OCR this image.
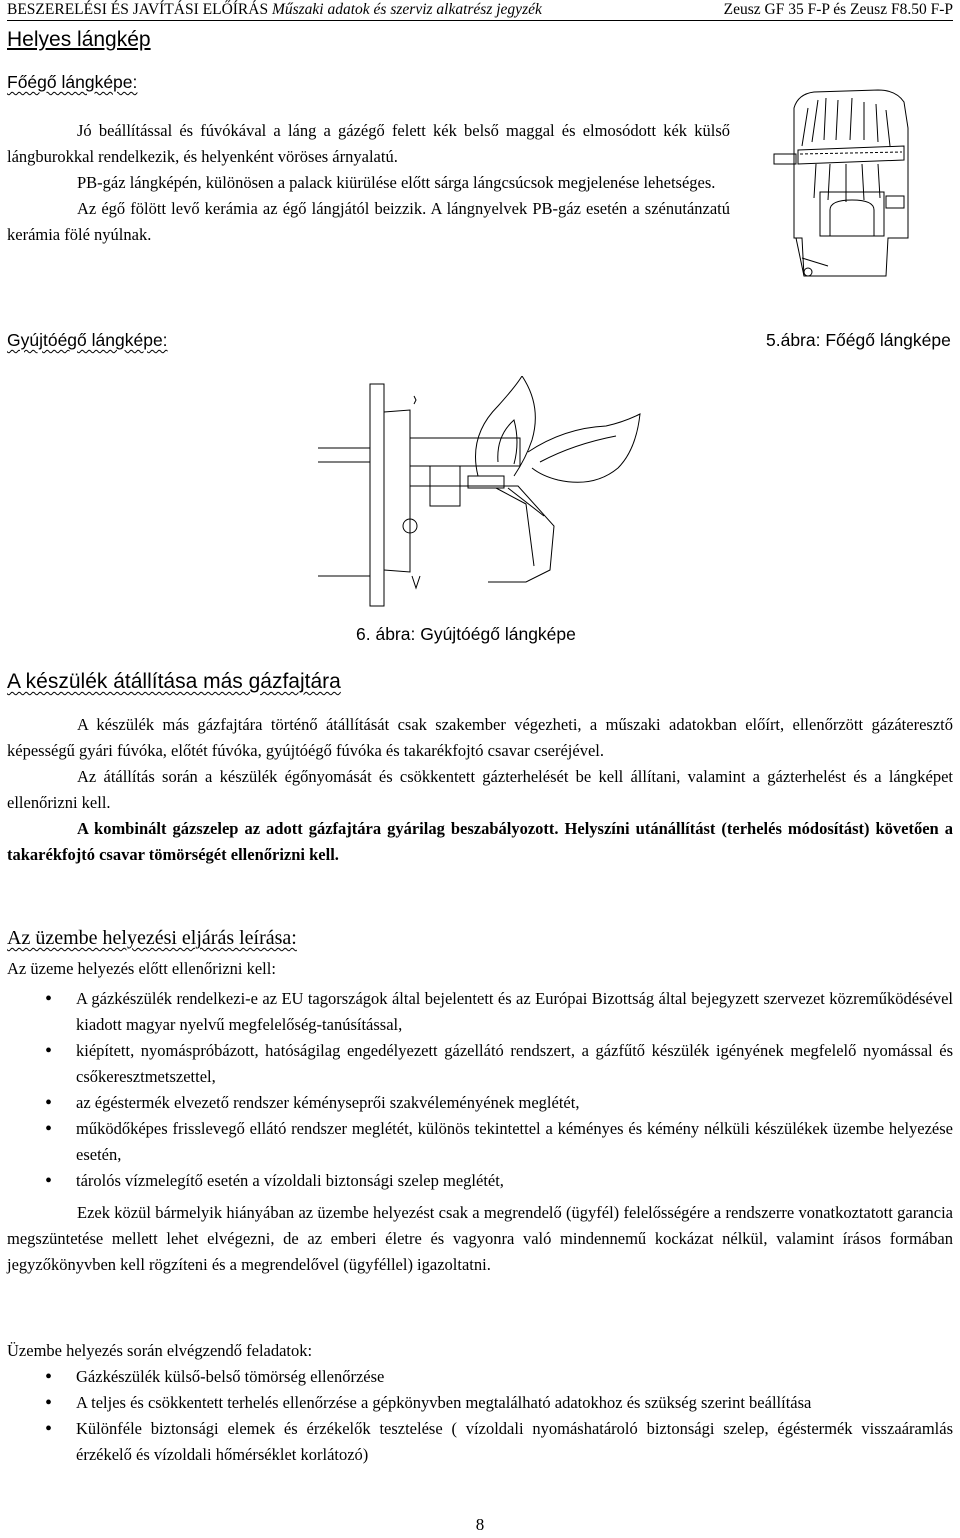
BESZERELÉSI ÉS JAVÍTÁSI ELŐÍRÁS Műszaki adatok és szerviz alkatrész jegyzék	Zeusz GF 35 F-P és Zeusz F8.50 F-P
Helyes lángkép
Főégő lángképe:

Jó beállítással és fúvókával a láng a gázégő felett kék belső maggal és elmosódott kék külső lángburokkal rendelkezik, és helyenként vöröses árnyalatú.

PB-gáz lángképén, különösen a palack kiürülése előtt sárga lángcsúcsok megjelenése lehetséges.

Az égő fölött levő kerámia az égő lángjától beizzik. A lángnyelvek PB-gáz esetén a szénutánzatú kerámia fölé nyúlnak.

Gyújtóégő lángképe:	5.ábra: Főégő lángképe
6. ábra: Gyújtóégő lángképe
A készülék átállítása más gázfajtára

A készülék más gázfajtára történő átállítását csak szakember végezheti, a műszaki adatokban előírt, ellenőrzött gázáteresztő képességű gyári fúvóka, előtét fúvóka, gyújtóégő fúvóka és takarékfojtó csavar cseréjével.

Az átállítás során a készülék égőnyomását és csökkentett gázterhelését be kell állítani, valamint a gázterhelést és a lángképet ellenőrizni kell.

A kombinált gázszelep az adott gázfajtára gyárilag beszabályozott. Helyszíni utánállítást (terhelés módosítást) követően a takarékfojtó csavar tömörségét ellenőrizni kell.

Az üzembe helyezési eljárás leírása:

Az üzeme helyezés előtt ellenőrizni kell:

• A gázkészülék rendelkezi-e az EU tagországok által bejelentett és az Európai Bizottság által bejegyzett szervezet közreműködésével kiadott magyar nyelvű megfelelőség-tanúsítással,
• kiépített, nyomáspróbázott, hatóságilag engedélyezett gázellátó rendszert, a gázfűtő készülék igényének megfelelő nyomással és csőkeresztmetszettel,
• az égéstermék elvezető rendszer kéményseprői szakvéleményének meglétét,
• működőképes frisslevegő ellátó rendszer meglétét, különös tekintettel a kéményes és kémény nélküli készülékek üzembe helyezése esetén,
• tárolós vízmelegítő esetén a vízoldali biztonsági szelep meglétét,

Ezek közül bármelyik hiányában az üzembe helyezést csak a megrendelő (ügyfél) felelősségére a rendszerre vonatkoztatott garancia megszüntetése mellett lehet elvégezni, de az emberi életre és vagyonra való mindennemű kockázat nélkül, valamint írásos formában jegyzőkönyvben kell rögzíteni és a megrendelővel (ügyféllel) igazoltatni.

Üzembe helyezés során elvégzendő feladatok:

• Gázkészülék külső-belső tömörség ellenőrzése
• A teljes és csökkentett terhelés ellenőrzése a gépkönyvben megtalálható adatokhoz és szükség szerint beállítása
• Különféle biztonsági elemek és érzékelők tesztelése ( vízoldali nyomáshatároló biztonsági szelep, égéstermék visszaáramlás érzékelő és vízoldali hőmérséklet korlátozó)
8
